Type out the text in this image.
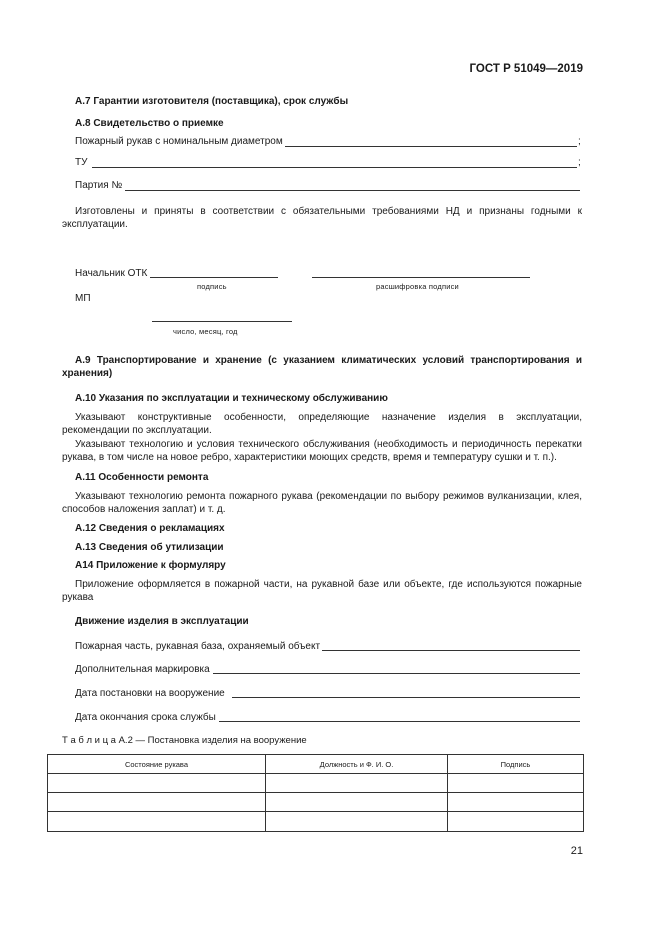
ГОСТ Р 51049—2019
А.7 Гарантии изготовителя (поставщика), срок службы
А.8 Свидетельство о приемке
Пожарный рукав с номинальным диаметром	;
ТУ	;
Партия №
Изготовлены и приняты в соответствии с обязательными требованиями НД и признаны годными к эксплуатации.
Начальник ОТК
подпись	расшифровка подписи
МП
число, месяц, год
А.9 Транспортирование и хранение (с указанием климатических условий транспортирования и хранения)
А.10 Указания по эксплуатации и техническому обслуживанию
Указывают конструктивные особенности, определяющие назначение изделия в эксплуатации, рекомендации по эксплуатации.
Указывают технологию и условия технического обслуживания (необходимость и периодичность перекатки рукава, в том числе на новое ребро, характеристики моющих средств, время и температуру сушки и т. п.).
А.11 Особенности ремонта
Указывают технологию ремонта пожарного рукава (рекомендации по выбору режимов вулканизации, клея, способов наложения заплат) и т. д.
А.12 Сведения о рекламациях
А.13 Сведения об утилизации
А14 Приложение к формуляру
Приложение оформляется в пожарной части, на рукавной базе или объекте, где используются пожарные рукава
Движение изделия в эксплуатации
Пожарная часть, рукавная база, охраняемый объект
Дополнительная маркировка
Дата постановки на вооружение
Дата окончания срока службы
Т а б л и ц а А.2 — Постановка изделия на вооружение
Состояние рукава	Должность и Ф. И. О.	Подпись

21
